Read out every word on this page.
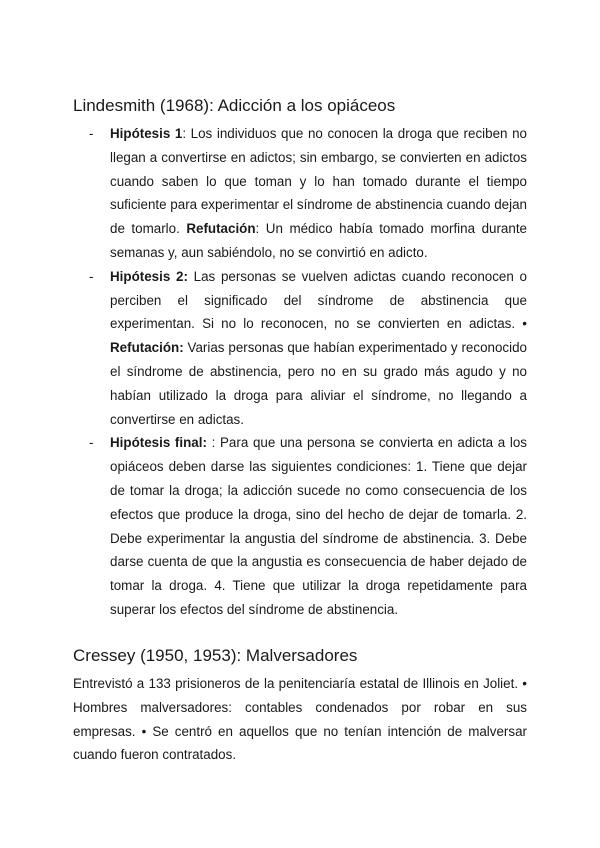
Lindesmith (1968): Adicción a los opiáceos
- Hipótesis 1: Los individuos que no conocen la droga que reciben no llegan a convertirse en adictos; sin embargo, se convierten en adictos cuando saben lo que toman y lo han tomado durante el tiempo suficiente para experimentar el síndrome de abstinencia cuando dejan de tomarlo. Refutación: Un médico había tomado morfina durante semanas y, aun sabiéndolo, no se convirtió en adicto.
- Hipótesis 2: Las personas se vuelven adictas cuando reconocen o perciben el significado del síndrome de abstinencia que experimentan. Si no lo reconocen, no se convierten en adictas. • Refutación: Varias personas que habían experimentado y reconocido el síndrome de abstinencia, pero no en su grado más agudo y no habían utilizado la droga para aliviar el síndrome, no llegando a convertirse en adictas.
- Hipótesis final: : Para que una persona se convierta en adicta a los opiáceos deben darse las siguientes condiciones: 1. Tiene que dejar de tomar la droga; la adicción sucede no como consecuencia de los efectos que produce la droga, sino del hecho de dejar de tomarla. 2. Debe experimentar la angustia del síndrome de abstinencia. 3. Debe darse cuenta de que la angustia es consecuencia de haber dejado de tomar la droga. 4. Tiene que utilizar la droga repetidamente para superar los efectos del síndrome de abstinencia.
Cressey (1950, 1953): Malversadores

Entrevistó a 133 prisioneros de la penitenciaría estatal de Illinois en Joliet. • Hombres malversadores: contables condenados por robar en sus empresas. • Se centró en aquellos que no tenían intención de malversar cuando fueron contratados.
